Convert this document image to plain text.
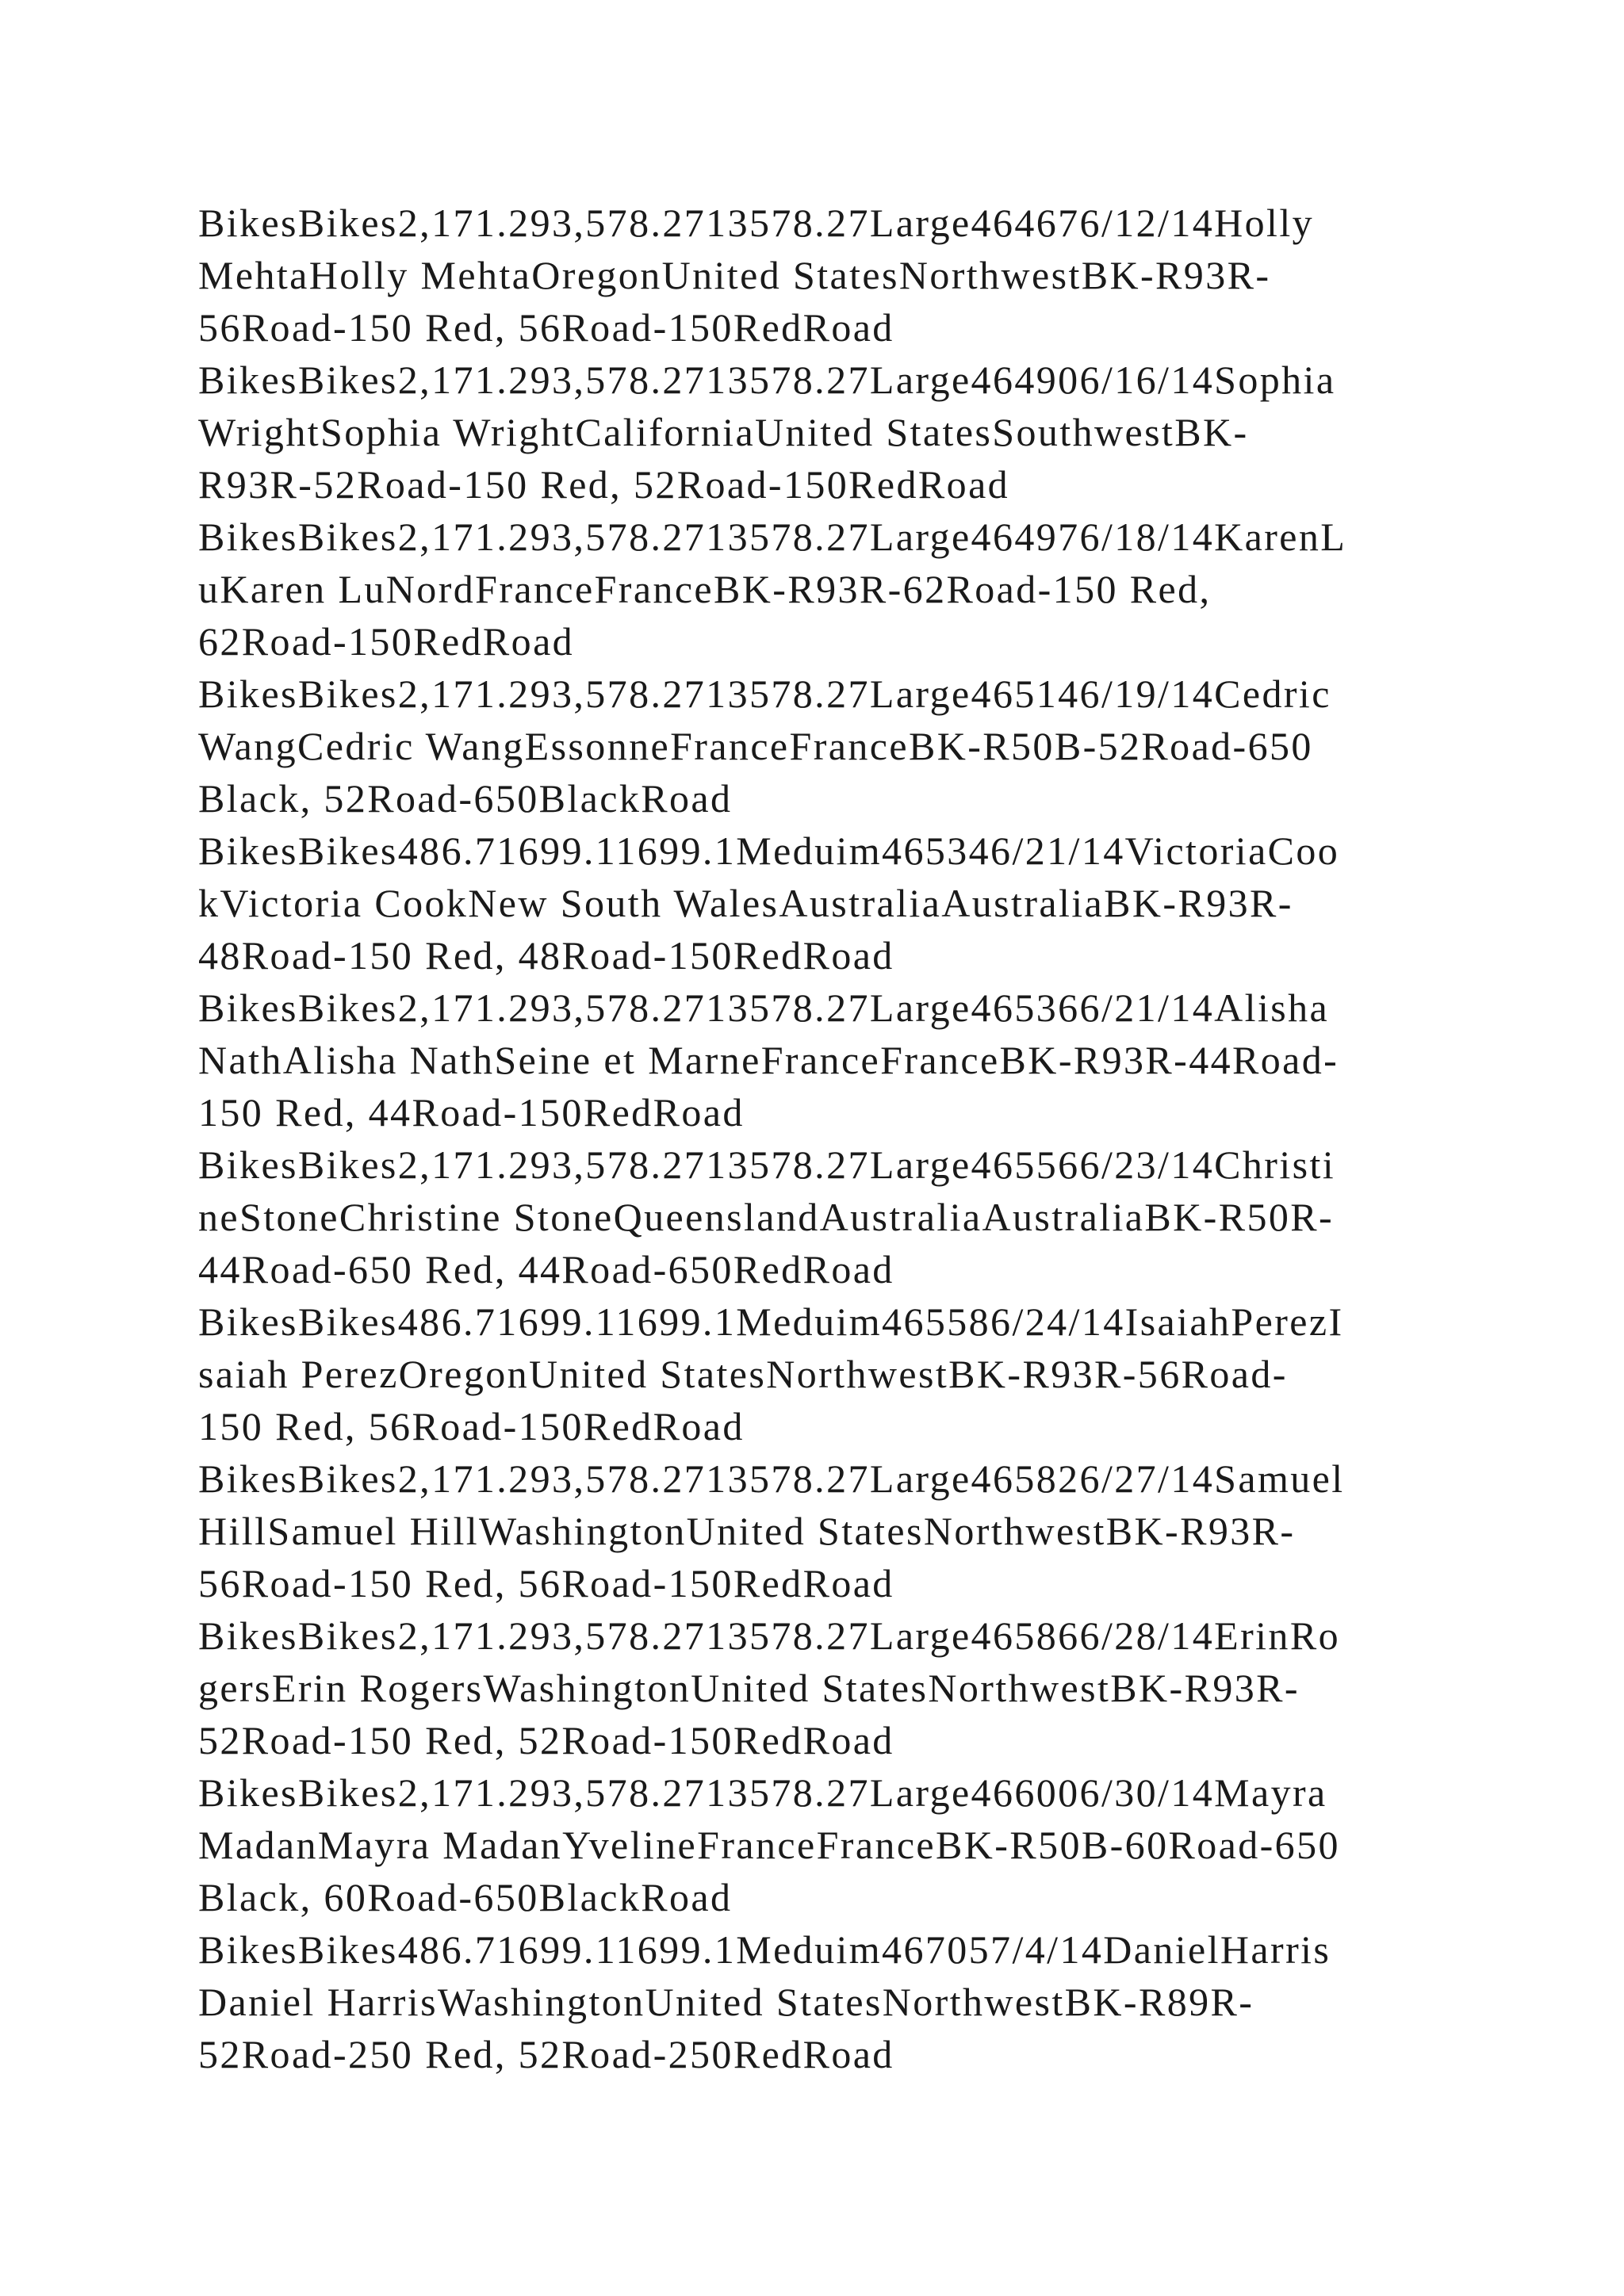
BikesBikes2,171.293,578.2713578.27Large464676/12/14Holly
MehtaHolly MehtaOregonUnited StatesNorthwestBK-R93R-
56Road-150 Red, 56Road-150RedRoad
BikesBikes2,171.293,578.2713578.27Large464906/16/14Sophia
WrightSophia WrightCaliforniaUnited StatesSouthwestBK-
R93R-52Road-150 Red, 52Road-150RedRoad
BikesBikes2,171.293,578.2713578.27Large464976/18/14KarenL
uKaren LuNordFranceFranceBK-R93R-62Road-150 Red,
62Road-150RedRoad
BikesBikes2,171.293,578.2713578.27Large465146/19/14Cedric
WangCedric WangEssonneFranceFranceBK-R50B-52Road-650
Black, 52Road-650BlackRoad
BikesBikes486.71699.11699.1Meduim465346/21/14VictoriaCoo
kVictoria CookNew South WalesAustraliaAustraliaBK-R93R-
48Road-150 Red, 48Road-150RedRoad
BikesBikes2,171.293,578.2713578.27Large465366/21/14Alisha
NathAlisha NathSeine et MarneFranceFranceBK-R93R-44Road-
150 Red, 44Road-150RedRoad
BikesBikes2,171.293,578.2713578.27Large465566/23/14Christi
neStoneChristine StoneQueenslandAustraliaAustraliaBK-R50R-
44Road-650 Red, 44Road-650RedRoad
BikesBikes486.71699.11699.1Meduim465586/24/14IsaiahPerezI
saiah PerezOregonUnited StatesNorthwestBK-R93R-56Road-
150 Red, 56Road-150RedRoad
BikesBikes2,171.293,578.2713578.27Large465826/27/14Samuel
HillSamuel HillWashingtonUnited StatesNorthwestBK-R93R-
56Road-150 Red, 56Road-150RedRoad
BikesBikes2,171.293,578.2713578.27Large465866/28/14ErinRo
gersErin RogersWashingtonUnited StatesNorthwestBK-R93R-
52Road-150 Red, 52Road-150RedRoad
BikesBikes2,171.293,578.2713578.27Large466006/30/14Mayra
MadanMayra MadanYvelineFranceFranceBK-R50B-60Road-650
Black, 60Road-650BlackRoad
BikesBikes486.71699.11699.1Meduim467057/4/14DanielHarris
Daniel HarrisWashingtonUnited StatesNorthwestBK-R89R-
52Road-250 Red, 52Road-250RedRoad
